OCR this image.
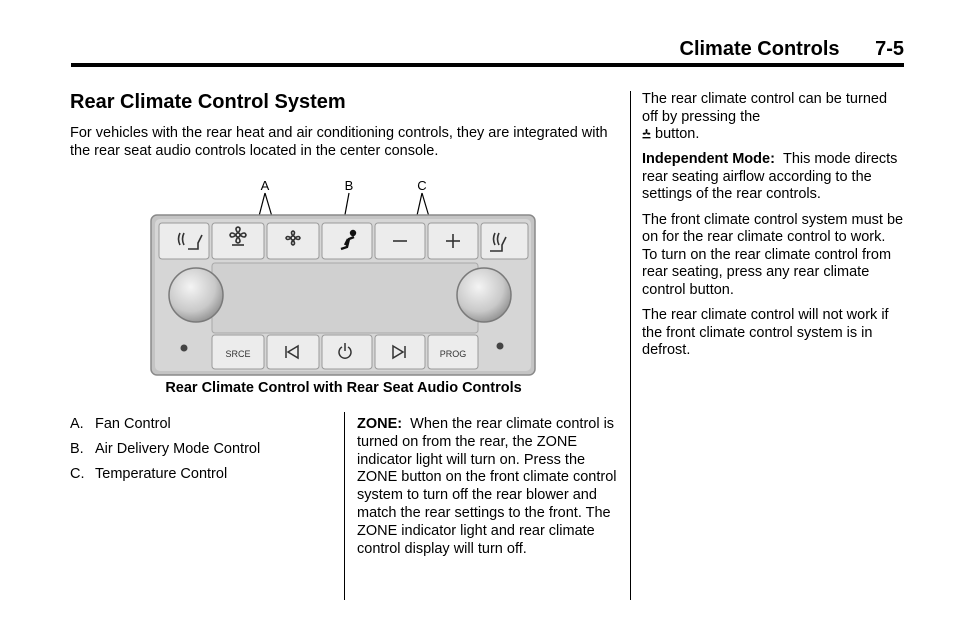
Climate Controls 7-5
Rear Climate Control System

For vehicles with the rear heat and air conditioning controls, they are integrated with the rear seat audio controls located in the center console.

A	B	C
SRCE	PROG
Rear Climate Control with Rear Seat Audio Controls
A. Fan Control
B. Air Delivery Mode Control
C. Temperature Control

ZONE: When the rear climate control is turned on from the rear, the ZONE indicator light will turn on. Press the ZONE button on the front climate control system to turn off the rear blower and match the rear settings to the front. The ZONE indicator light and rear climate control display will turn off.

The rear climate control can be turned off by pressing the
button.

Independent Mode: This mode directs rear seating airflow according to the settings of the rear controls.

The front climate control system must be on for the rear climate control to work. To turn on the rear climate control from rear seating, press any rear climate control button.

The rear climate control will not work if the front climate control system is in defrost.
